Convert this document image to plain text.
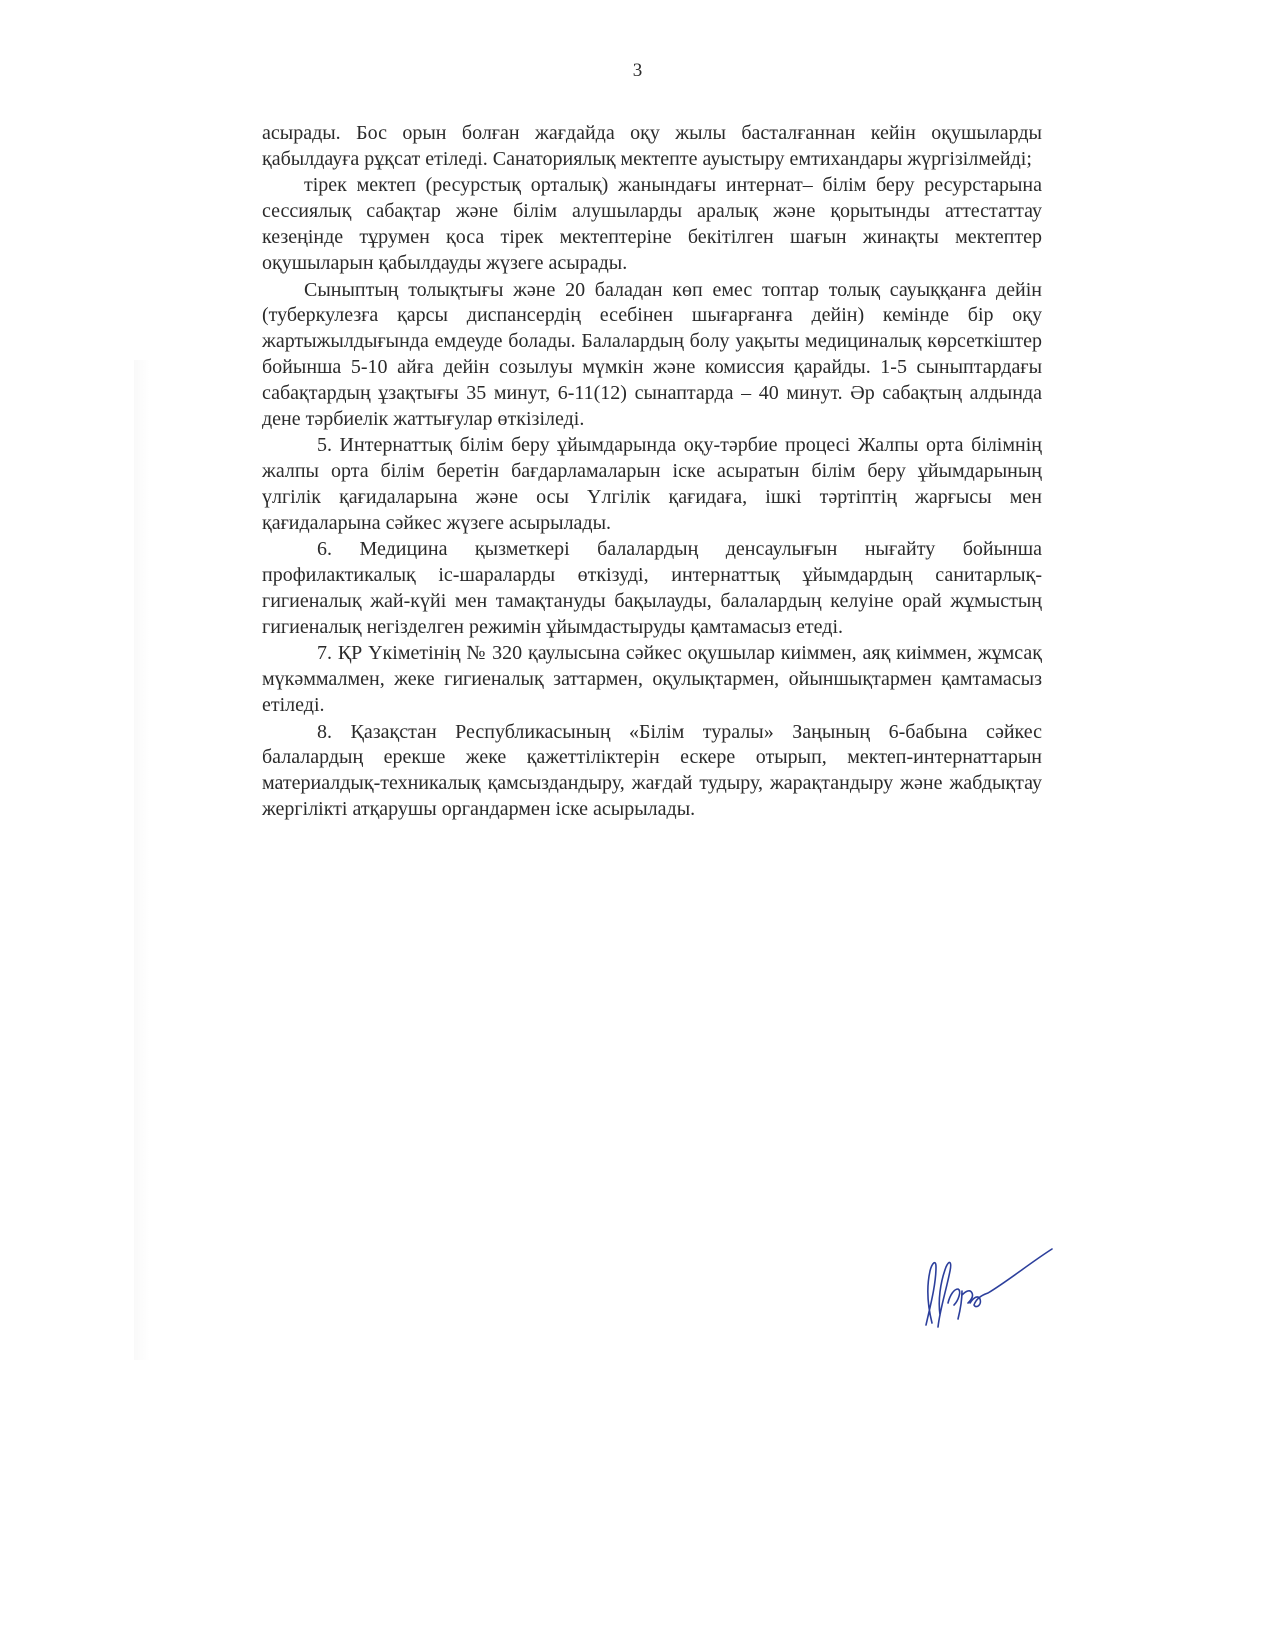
3

асырады. Бос орын болған жағдайда оқу жылы басталғаннан кейін оқушыларды қабылдауға рұқсат етіледі. Санаториялық мектепте ауыстыру емтихандары жүргізілмейді;

тірек мектеп (ресурстық орталық) жанындағы интернат– білім беру ресурстарына сессиялық сабақтар және білім алушыларды аралық және қорытынды аттестаттау кезеңінде тұрумен қоса тірек мектептеріне бекітілген шағын жинақты мектептер оқушыларын қабылдауды жүзеге асырады.

Сыныптың толықтығы және 20 баладан көп емес топтар толық сауыққанға дейін (туберкулезға қарсы диспансердің есебінен шығарғанға дейін) кемінде бір оқу жартыжылдығында емдеуде болады. Балалардың болу уақыты медициналық көрсеткіштер бойынша 5-10 айға дейін созылуы мүмкін және комиссия қарайды. 1-5 сыныптардағы сабақтардың ұзақтығы 35 минут, 6-11(12) сынаптарда – 40 минут. Әр сабақтың алдында дене тәрбиелік жаттығулар өткізіледі.

5. Интернаттық білім беру ұйымдарында оқу-тәрбие процесі Жалпы орта білімнің жалпы орта білім беретін бағдарламаларын іске асыратын білім беру ұйымдарының үлгілік қағидаларына және осы Үлгілік қағидаға, ішкі тәртіптің жарғысы мен қағидаларына сәйкес жүзеге асырылады.

6. Медицина қызметкері балалардың денсаулығын нығайту бойынша профилактикалық іс-шараларды өткізуді, интернаттық ұйымдардың санитарлық-гигиеналық жай-күйі мен тамақтануды бақылауды, балалардың келуіне орай жұмыстың гигиеналық негізделген режимін ұйымдастыруды қамтамасыз етеді.

7. ҚР Үкіметінің № 320 қаулысына сәйкес оқушылар киіммен, аяқ киіммен, жұмсақ мүкәммалмен, жеке гигиеналық заттармен, оқулықтармен, ойыншықтармен қамтамасыз етіледі.

8. Қазақстан Республикасының «Білім туралы» Заңының 6-бабына сәйкес балалардың ерекше жеке қажеттіліктерін ескере отырып, мектеп-интернаттарын материалдық-техникалық қамсыздандыру, жағдай тудыру, жарақтандыру және жабдықтау жергілікті атқарушы органдармен іске асырылады.
